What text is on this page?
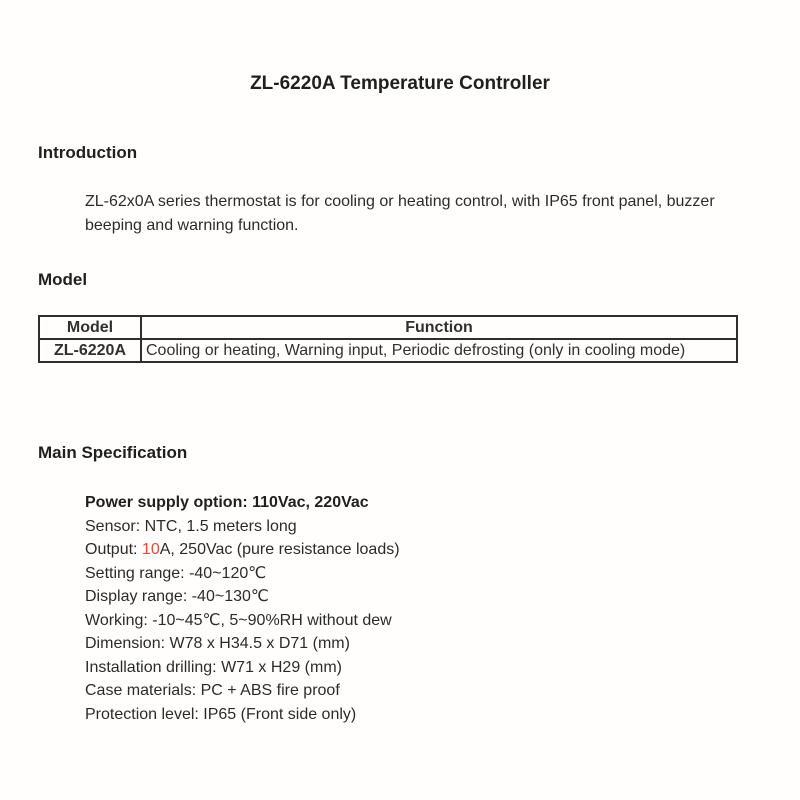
ZL-6220A Temperature Controller
Introduction

ZL-62x0A series thermostat is for cooling or heating control, with IP65 front panel, buzzer beeping and warning function.

Model
Model	Function
ZL-6220A	Cooling or heating, Warning input, Periodic defrosting (only in cooling mode)
Main Specification
Power supply option: 110Vac, 220Vac
Sensor: NTC, 1.5 meters long
Output: 10A, 250Vac (pure resistance loads)
Setting range: -40~120℃
Display range: -40~130℃
Working: -10~45℃, 5~90%RH without dew
Dimension: W78 x H34.5 x D71 (mm)
Installation drilling: W71 x H29 (mm)
Case materials: PC + ABS fire proof
Protection level: IP65 (Front side only)
